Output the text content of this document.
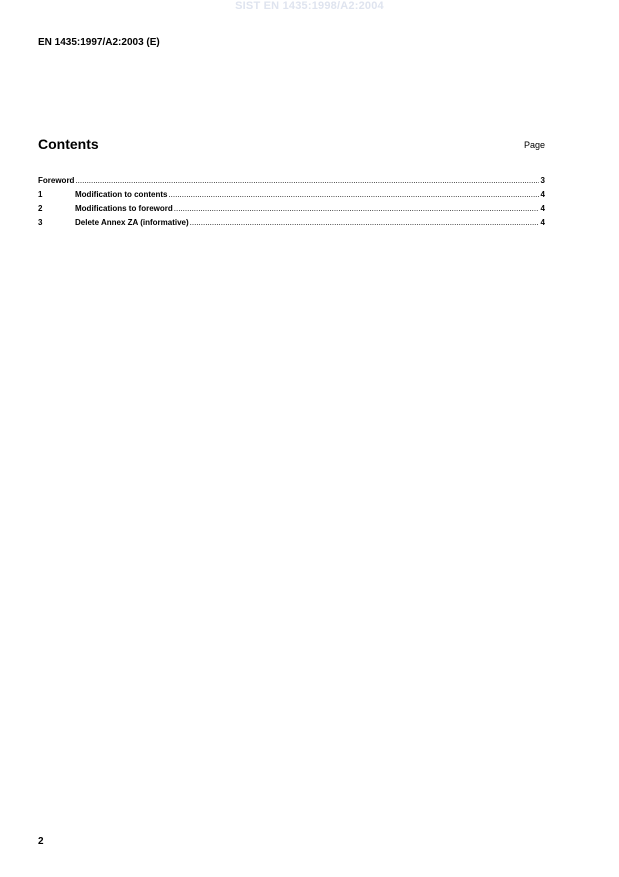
SIST EN 1435:1998/A2:2004
EN 1435:1997/A2:2003 (E)
Contents	Page
Foreword .....	3
1	Modification to contents .....	4
2	Modifications to foreword .....	4
3	Delete Annex ZA (informative) .....	4
2
